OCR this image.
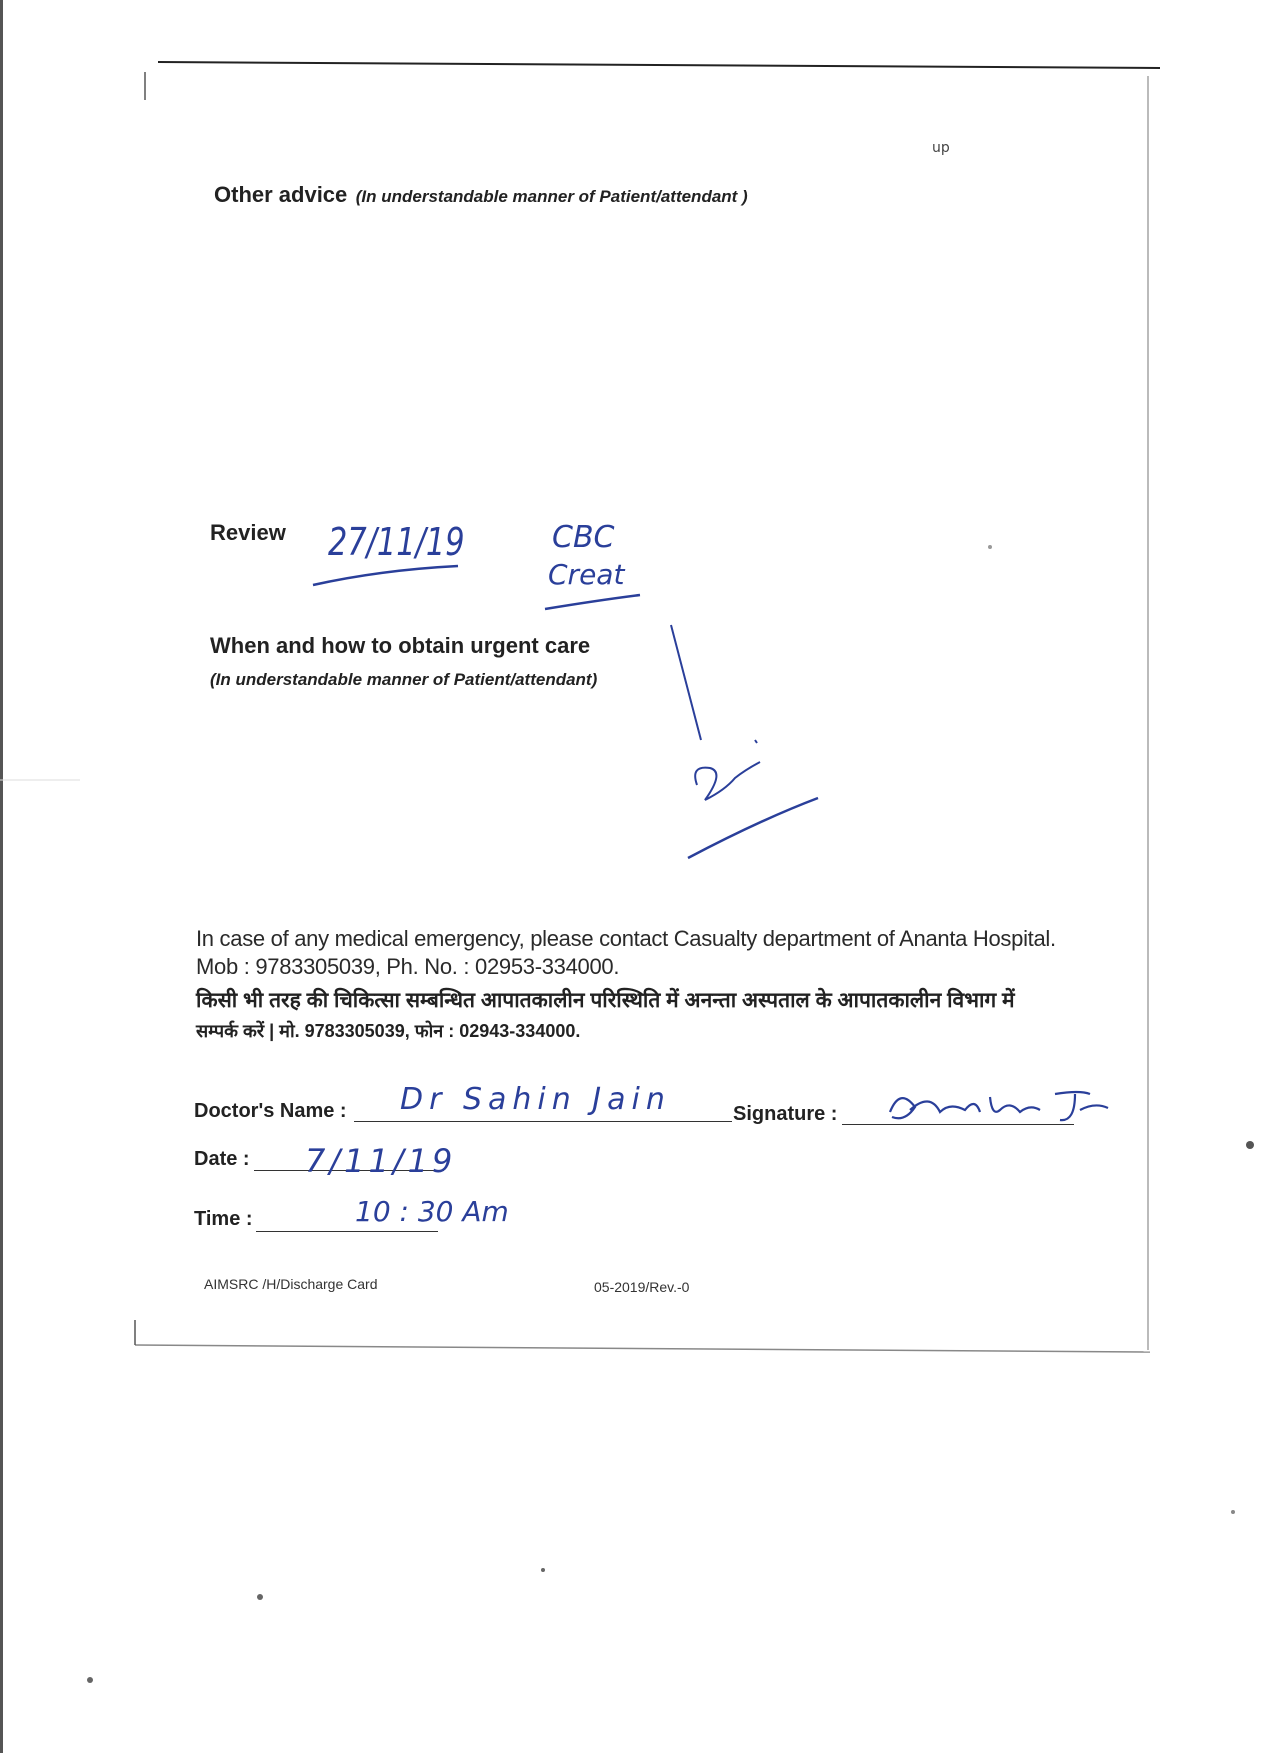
up
Other advice (In understandable manner of Patient/attendant )
Review 27/11/19	CBC
Creat
When and how to obtain urgent care
(In understandable manner of Patient/attendant)
In case of any medical emergency, please contact Casualty department of Ananta Hospital.
Mob : 9783305039, Ph. No. : 02953-334000.
किसी भी तरह की चिकित्सा सम्बन्धित आपातकालीन परिस्थिति में अनन्ता अस्पताल के आपातकालीन विभाग में
सम्पर्क करें | मो. 9783305039, फोन : 02943-334000.
Doctor's Name : Dr Sahin Jain	Signature :
Date : 7/11/19
Time :	10 : 30 Am
AIMSRC /H/Discharge Card	05-2019/Rev.-0
